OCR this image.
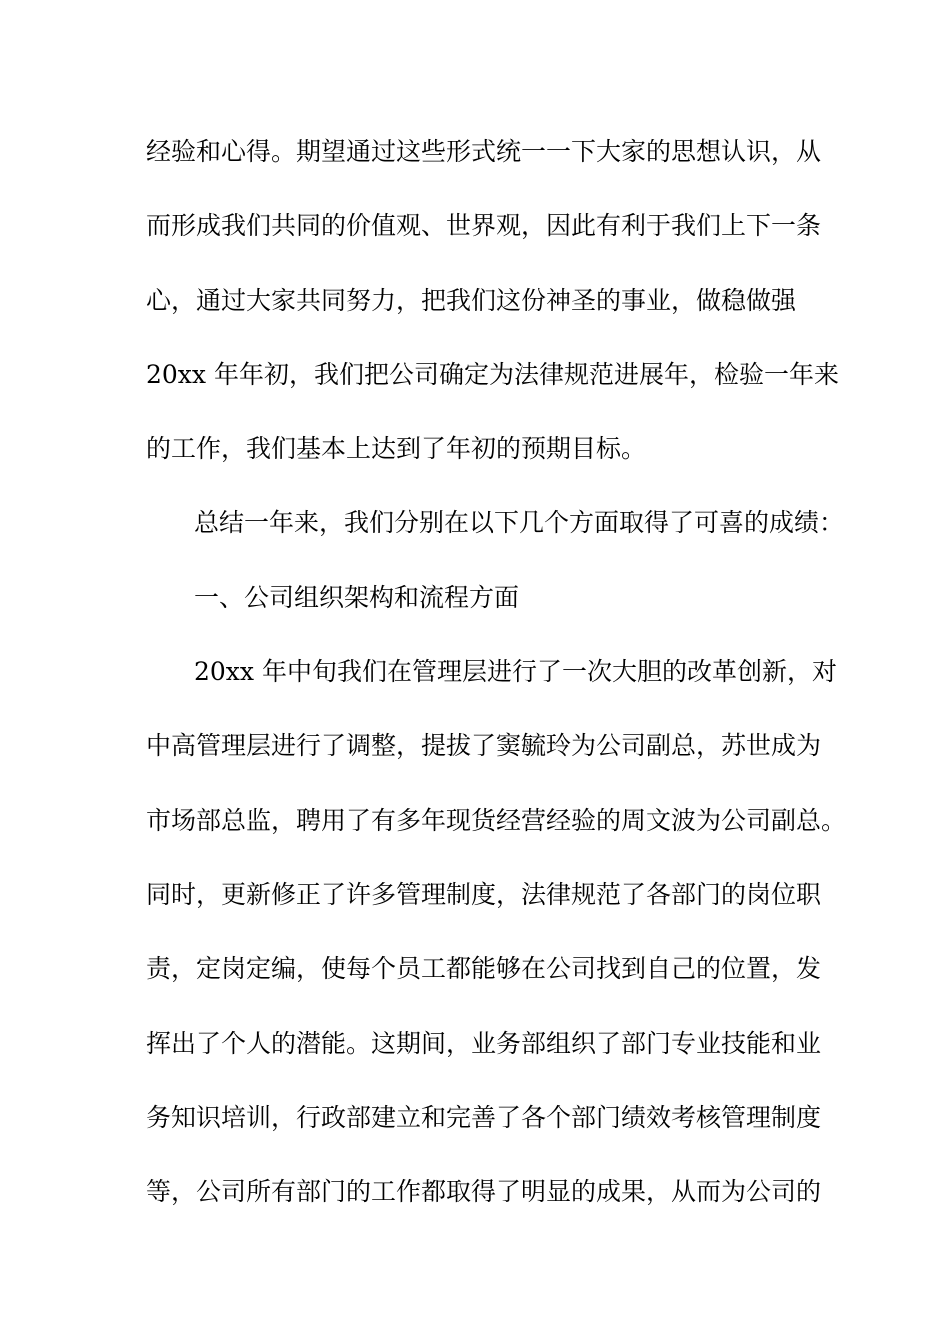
经验和心得。期望通过这些形式统一一下大家的思想认识，从
而形成我们共同的价值观、世界观，因此有利于我们上下一条
心，通过大家共同努力，把我们这份神圣的事业，做稳做强
20xx 年年初，我们把公司确定为法律规范进展年，检验一年来
的工作，我们基本上达到了年初的预期目标。
总结一年来，我们分别在以下几个方面取得了可喜的成绩：
一、公司组织架构和流程方面
20xx 年中旬我们在管理层进行了一次大胆的改革创新，对
中高管理层进行了调整，提拔了窦毓玲为公司副总，苏世成为
市场部总监，聘用了有多年现货经营经验的周文波为公司副总。
同时，更新修正了许多管理制度，法律规范了各部门的岗位职
责，定岗定编，使每个员工都能够在公司找到自己的位置，发
挥出了个人的潜能。这期间，业务部组织了部门专业技能和业
务知识培训，行政部建立和完善了各个部门绩效考核管理制度
等，公司所有部门的工作都取得了明显的成果，从而为公司的
